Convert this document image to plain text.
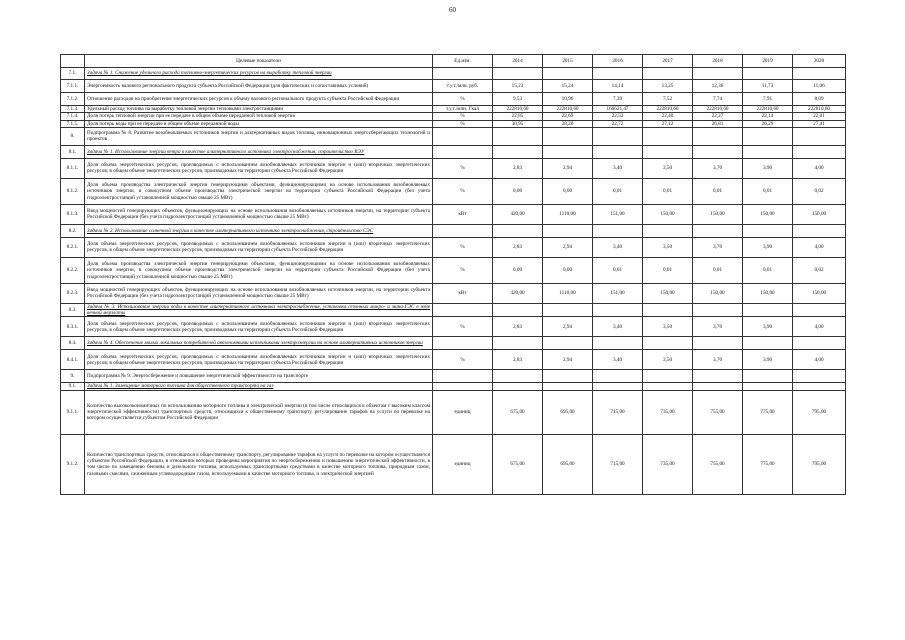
60
	Целевые показатели	Ед.изм.	2014	2015	2016	2017	2018	2019	2020
7.1.	Задача № 1. Снижение удельного расхода топливно-энергетических ресурсов на выработку тепловой энергии								
7.1.1.	Энергоемкость валового регионального продукта субъекта Российской Федерации (для фактических и сопоставимых условий)	т.у.т./млн. руб.	15,23	15,24	14,14	13,25	12,36	11,73	11,06
7.1.2.	Отношение расходов на приобретение энергетических ресурсов к объему валового регионального продукта субъекта Российской Федерации	%	9,53	10,96	7,39	7,52	7,74	7,91	8,09
7.1.3.	Удельный расход топлива на выработку тепловой энергии тепловыми электростанциями	т.у.т./млн. Гкал	222810,60	222810,60	166621,47	222810,60	222810,60	222810,60	222810,60
7.1.4.	Доля потерь тепловой энергии при ее передаче в общем объеме переданной тепловой энергии	%	22,85	22,69	22,52	22,40	22,27	22,14	22,01
7.1.5.	Доля потерь воды при ее передаче в общем объеме переданной воды	%	30,95	28,20	22,72	27,12	26,81	26,29	27,41
8.	Подпрограмма № 8. Развитие возобновляемых источников энергии и альтернативных видов топлива, инновационных энергосберегающих технологий и проектов								
8.1.	Задача № 1. Использование энергии ветра в качестве альтернативного источника электроснабжения, строительство ВЭУ								
8.1.1.	Доля объема энергетических ресурсов, производимых с использованием возобновляемых источников энергии и (или) вторичных энергетических ресурсов, в общем объеме энергетических ресурсов, производимых на территории субъекта Российской Федерации	%	2,83	2,94	3,40	3,50	3,70	3,90	4,00
8.1.2.	Доля объема производства электрической энергии генерирующими объектами, функционирующими на основе использования возобновляемых источников энергии, в совокупном объеме производства электрической энергии на территории субъекта Российской Федерации (без учета гидроэлектростанций установленной мощностью свыше 25 МВт)	%	0,00	0,00	0,01	0,01	0,01	0,01	0,02
8.1.3.	Ввод мощностей генерирующих объектов, функционирующих на основе использования возобновляемых источников энергии, на территории субъекта Российской Федерации (без учета гидроэлектростанций установленной мощностью свыше 25 МВт)	кВт	420,00	1110,00	151,00	150,00	150,00	150,00	150,00
8.2.	Задача № 2. Использование солнечной энергии в качестве альтернативного источника электроснабжения, строительство СЭС								
8.2.1.	Доля объема энергетических ресурсов, производимых с использованием возобновляемых источников энергии и (или) вторичных энергетических ресурсов, в общем объеме энергетических ресурсов, производимых на территории субъекта Российской Федерации	%	2,83	2,94	3,40	3,50	3,70	3,90	4,00
8.2.2.	Доля объема производства электрической энергии генерирующими объектами, функционирующими на основе использования возобновляемых источников энергии, в совокупном объеме производства электрической энергии на территории субъекта Российской Федерации (без учета гидроэлектростанций установленной мощностью свыше 25 МВт)	%	0,00	0,00	0,01	0,01	0,01	0,01	0,02
8.2.3.	Ввод мощностей генерирующих объектов, функционирующих на основе использования возобновляемых источников энергии, на территории субъекта Российской Федерации (без учета гидроэлектростанций установленной мощностью свыше 25 МВт)	кВт	420,00	1110,00	151,00	150,00	150,00	150,00	150,00
8.3.	Задача № 3. Использование энергии воды в качестве альтернативного источника электроснабжения, установка сезонных микро- и мини-ГЭС в зоне вечной мерзлоты								
8.3.1.	Доля объема энергетических ресурсов, производимых с использованием возобновляемых источников энергии и (или) вторичных энергетических ресурсов, в общем объеме энергетических ресурсов, производимых на территории субъекта Российской Федерации	%	2,83	2,94	3,40	3,50	3,70	3,90	4,00
8.4.	Задача № 4. Обеспечение малых локальных потребителей автономными источниками электроэнергии на основе альтернативных источников энергии								
8.4.1.	Доля объема энергетических ресурсов, производимых с использованием возобновляемых источников энергии и (или) вторичных энергетических ресурсов, в общем объеме энергетических ресурсов, производимых на территории субъекта Российской Федерации	%	2,83	2,94	3,40	3,50	3,70	3,90	4,00
9.	Подпрограмма № 9. Энергосбережение и повышение энергетической эффективности на транспорте								
9.1.	Задача № 1. Замещение моторного топлива для общественного транспорта на газ								
9.1.1.	Количество высокоэкономичных по использованию моторного топлива и электрической энергии (в том числе относящихся к объектам с высоким классом энергетической эффективности) транспортных средств, относящихся к общественному транспорту, регулирование тарифов на услуги по перевозке на котором осуществляется субъектом Российской Федерации	единиц	675,00	695,00	715,00	735,00	755,00	775,00	795,00
9.1.2.	Количество транспортных средств, относящихся к общественному транспорту, регулирование тарифов на услуги по перевозке на котором осуществляется субъектом Российской Федерации, в отношении которых проведены мероприятия по энергосбережению и повышению энергетической эффективности, в том числе по замещению бензина и дизельного топлива, используемых транспортными средствами в качестве моторного топлива, природным газом, газовыми смесями, сжиженным углеводородным газом, используемыми в качестве моторного топлива, и электрической энергией	единиц	675,00	695,00	715,00	735,00	755,00	775,00	795,00
